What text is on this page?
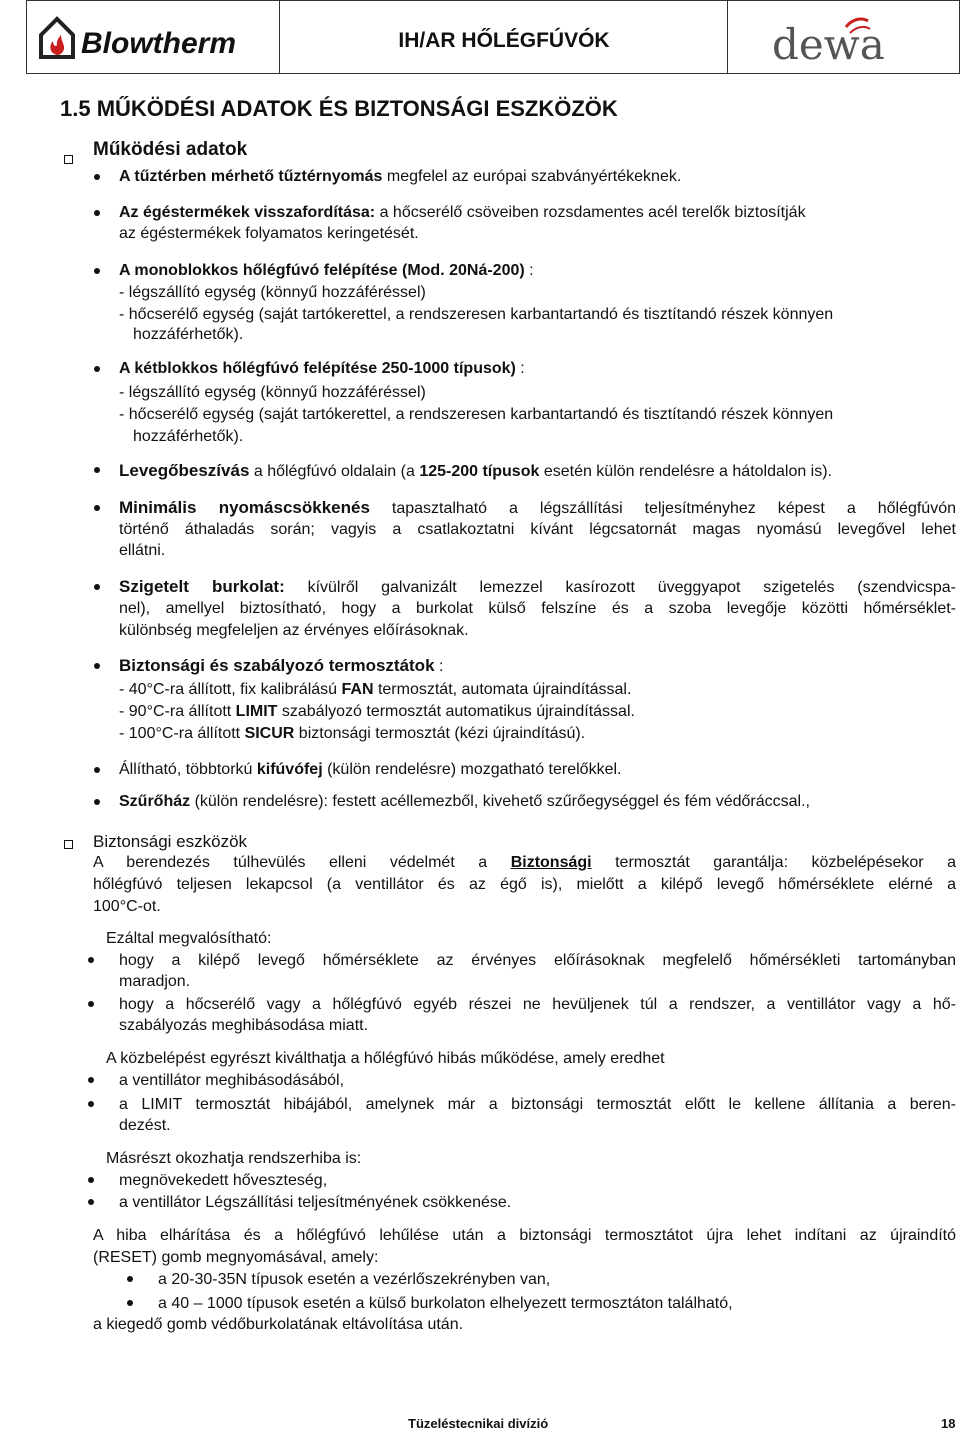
Blowtherm	IH/AR HŐLÉGFÚVÓK	dewa
1.5 MŰKÖDÉSI ADATOK ÉS BIZTONSÁGI ESZKÖZÖK
Működési adatok
A tűztérben mérhető tűztérnyomás megfelel az európai szabványértékeknek.
Az égéstermékek visszafordítása: a hőcserélő csöveiben rozsdamentes acél terelők biztosítják
az égéstermékek folyamatos keringetését.
A monoblokkos hőlégfúvó felépítése (Mod. 20Ná-200) :
- légszállító egység (könnyű hozzáféréssel)
- hőcserélő egység (saját tartókerettel, a rendszeresen karbantartandó és tisztítandó részek könnyen
hozzáférhetők).
A kétblokkos hőlégfúvó felépítése 250-1000 típusok) :
- légszállító egység (könnyű hozzáféréssel)
- hőcserélő egység (saját tartókerettel, a rendszeresen karbantartandó és tisztítandó részek könnyen
hozzáférhetők).
Levegőbeszívás a hőlégfúvó oldalain (a 125-200 típusok esetén külön rendelésre a hátoldalon is).
Minimális nyomáscsökkenés tapasztalható a légszállítási teljesítményhez képest a hőlégfúvón
történő áthaladás során; vagyis a csatlakoztatni kívánt légcsatornát magas nyomású levegővel lehet
ellátni.
Szigetelt burkolat: kívülről galvanizált lemezzel kasírozott üveggyapot szigetelés (szendvicspa-
nel), amellyel biztosítható, hogy a burkolat külső felszíne és a szoba levegője közötti hőmérséklet-
különbség megfeleljen az érvényes előírásoknak.
Biztonsági és szabályozó termosztátok :
- 40°C-ra állított, fix kalibrálású FAN termosztát, automata újraindítással.
- 90°C-ra állított LIMIT szabályozó termosztát automatikus újraindítással.
- 100°C-ra állított SICUR biztonsági termosztát (kézi újraindítású).
Állítható, többtorkú kifúvófej (külön rendelésre) mozgatható terelőkkel.
Szűrőház (külön rendelésre): festett acéllemezből, kivehető szűrőegységgel és fém védőráccsal.,
Biztonsági eszközök
A berendezés túlhevülés elleni védelmét a Biztonsági termosztát garantálja: közbelépésekor a
hőlégfúvó teljesen lekapcsol (a ventillátor és az égő is), mielőtt a kilépő levegő hőmérséklete elérné a
100°C-ot.
Ezáltal megvalósítható:
hogy a kilépő levegő hőmérséklete az érvényes előírásoknak megfelelő hőmérsékleti tartományban
maradjon.
hogy a hőcserélő vagy a hőlégfúvó egyéb részei ne hevüljenek túl a rendszer, a ventillátor vagy a hő-
szabályozás meghibásodása miatt.
A közbelépést egyrészt kiválthatja a hőlégfúvó hibás működése, amely eredhet
a ventillátor meghibásodásából,
a LIMIT termosztát hibájából, amelynek már a biztonsági termosztát előtt le kellene állítania a beren-
dezést.
Másrészt okozhatja rendszerhiba is:
megnövekedett hőveszteség,
a ventillátor Légszállítási teljesítményének csökkenése.
A hiba elhárítása és a hőlégfúvó lehűlése után a biztonsági termosztátot újra lehet indítani az újraindító
(RESET) gomb megnyomásával, amely:
a 20-30-35N típusok esetén a vezérlőszekrényben van,
a 40 – 1000 típusok esetén a külső burkolaton elhelyezett termosztáton található,
a kiegedő gomb védőburkolatának eltávolítása után.
Tüzeléstecnikai divízió	18
